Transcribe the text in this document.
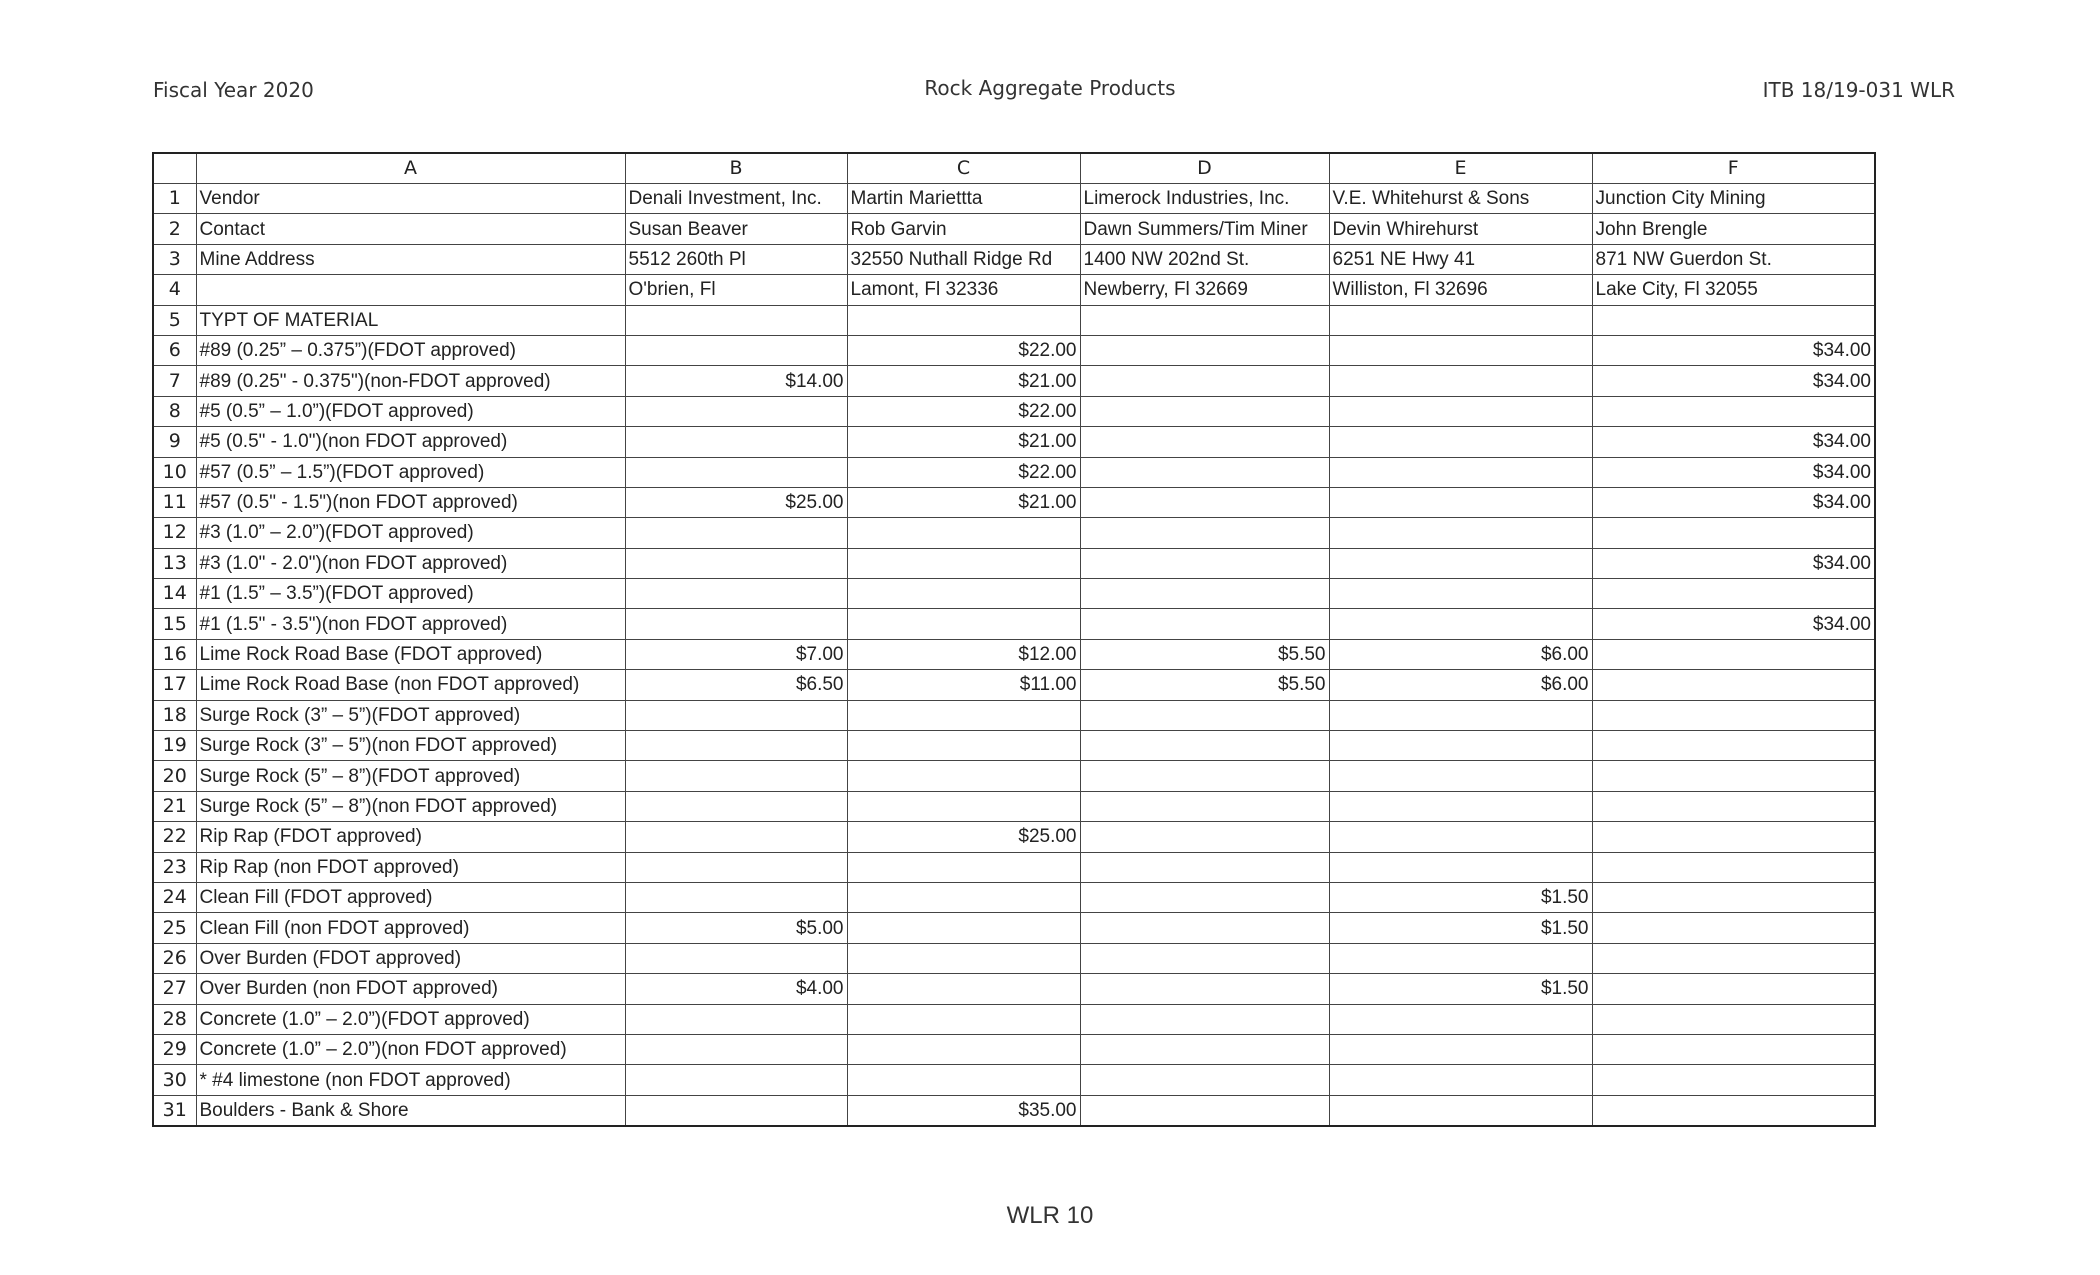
Fiscal Year 2020	Rock Aggregate Products	ITB 18/19-031 WLR
	A	B	C	D	E	F
1	Vendor	Denali Investment, Inc.	Martin Mariettta	Limerock Industries, Inc.	V.E. Whitehurst & Sons	Junction City Mining
2	Contact	Susan Beaver	Rob Garvin	Dawn Summers/Tim Miner	Devin Whirehurst	John Brengle
3	Mine Address	5512 260th Pl	32550 Nuthall Ridge Rd	1400 NW 202nd St.	6251 NE Hwy 41	871 NW Guerdon St.
4		O'brien, Fl	Lamont, Fl 32336	Newberry, Fl 32669	Williston, Fl 32696	Lake City, Fl 32055
5	TYPT OF MATERIAL					
6	#89 (0.25” – 0.375”)(FDOT approved)		$22.00			$34.00
7	#89 (0.25" - 0.375")(non-FDOT approved)	$14.00	$21.00			$34.00
8	#5 (0.5” – 1.0”)(FDOT approved)		$22.00			
9	#5 (0.5" - 1.0")(non FDOT approved)		$21.00			$34.00
10	#57 (0.5” – 1.5”)(FDOT approved)		$22.00			$34.00
11	#57 (0.5" - 1.5")(non FDOT approved)	$25.00	$21.00			$34.00
12	#3 (1.0” – 2.0”)(FDOT approved)					
13	#3 (1.0" - 2.0")(non FDOT approved)					$34.00
14	#1 (1.5” – 3.5”)(FDOT approved)					
15	#1 (1.5" - 3.5")(non FDOT approved)					$34.00
16	Lime Rock Road Base (FDOT approved)	$7.00	$12.00	$5.50	$6.00	
17	Lime Rock Road Base (non FDOT approved)	$6.50	$11.00	$5.50	$6.00	
18	Surge Rock (3” – 5”)(FDOT approved)					
19	Surge Rock (3” – 5”)(non FDOT approved)					
20	Surge Rock (5” – 8”)(FDOT approved)					
21	Surge Rock (5” – 8”)(non FDOT approved)					
22	Rip Rap (FDOT approved)		$25.00			
23	Rip Rap (non FDOT approved)					
24	Clean Fill (FDOT approved)				$1.50	
25	Clean Fill (non FDOT approved)	$5.00			$1.50	
26	Over Burden (FDOT approved)					
27	Over Burden (non FDOT approved)	$4.00			$1.50	
28	Concrete (1.0” – 2.0”)(FDOT approved)					
29	Concrete (1.0” – 2.0”)(non FDOT approved)					
30	* #4 limestone (non FDOT approved)					
31	Boulders - Bank & Shore		$35.00			
WLR 10
